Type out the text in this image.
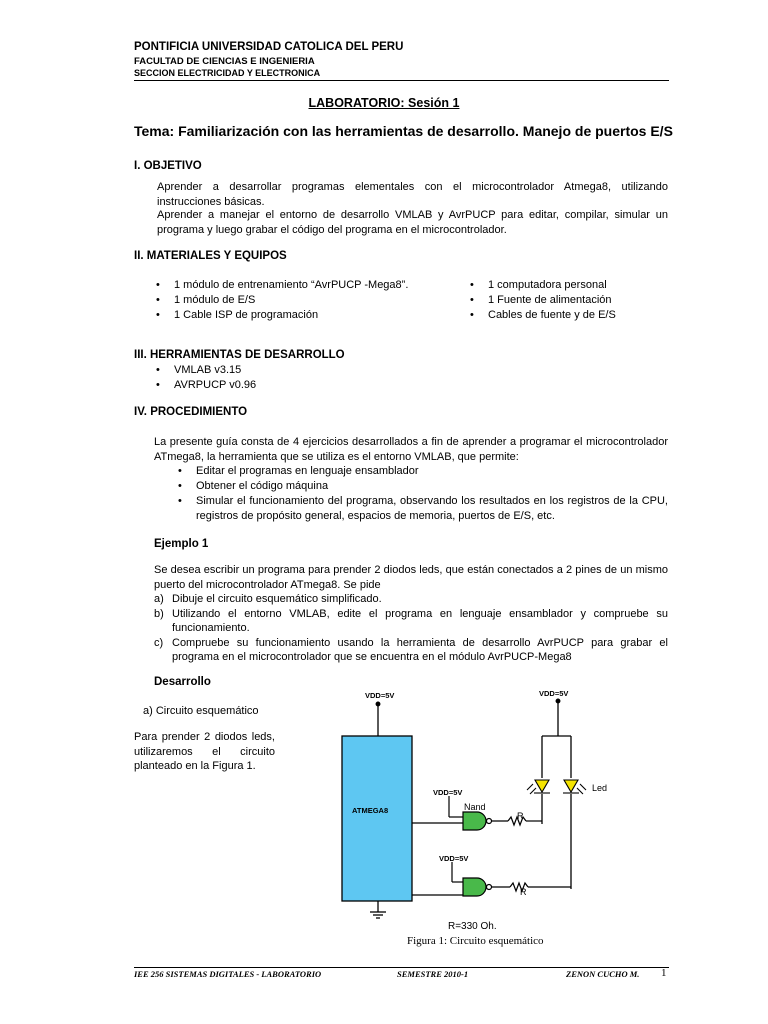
PONTIFICIA UNIVERSIDAD CATOLICA DEL PERU
FACULTAD DE CIENCIAS E INGENIERIA
SECCION ELECTRICIDAD Y ELECTRONICA
LABORATORIO: Sesión 1
Tema: Familiarización con las herramientas de desarrollo. Manejo de puertos E/S
I. OBJETIVO
Aprender a desarrollar programas elementales con el microcontrolador Atmega8, utilizando instrucciones básicas.
Aprender a manejar el entorno de desarrollo VMLAB y AvrPUCP para editar, compilar, simular un programa y luego grabar el código del programa en el microcontrolador.
II. MATERIALES Y EQUIPOS
• 1 módulo de entrenamiento “AvrPUCP -Mega8”.
• 1 módulo de E/S
• 1 Cable ISP de programación
• 1 computadora personal
• 1 Fuente de alimentación
• Cables de fuente y de E/S
III. HERRAMIENTAS DE DESARROLLO
• VMLAB v3.15
• AVRPUCP v0.96
IV. PROCEDIMIENTO
La presente guía consta de 4 ejercicios desarrollados a fin de aprender a programar el microcontrolador ATmega8, la herramienta que se utiliza es el entorno VMLAB, que permite:
• Editar el programas en lenguaje ensamblador
• Obtener el código máquina
• Simular el funcionamiento del programa, observando los resultados en los registros de la CPU, registros de propósito general, espacios de memoria, puertos de E/S, etc.
Ejemplo 1
Se desea escribir un programa para prender 2 diodos leds, que están conectados a 2 pines de un mismo puerto del microcontrolador ATmega8. Se pide
a) Dibuje el circuito esquemático simplificado.
b) Utilizando el entorno VMLAB, edite el programa en lenguaje ensamblador y compruebe su funcionamiento.
c) Compruebe su funcionamiento usando la herramienta de desarrollo AvrPUCP para grabar el programa en el microcontrolador que se encuentra en el módulo AvrPUCP-Mega8
Desarrollo
a) Circuito esquemático
Para prender 2 diodos leds, utilizaremos el circuito planteado en la Figura 1.
VDD=5V	VDD=5V
VDD=5V
VDD=5V
Nand
R
R
Led
R=330 Oh.
ATMEGA8
Figura 1: Circuito esquemático
IEE 256 SISTEMAS DIGITALES - LABORATORIO	SEMESTRE 2010-1	ZENON CUCHO M. 1
